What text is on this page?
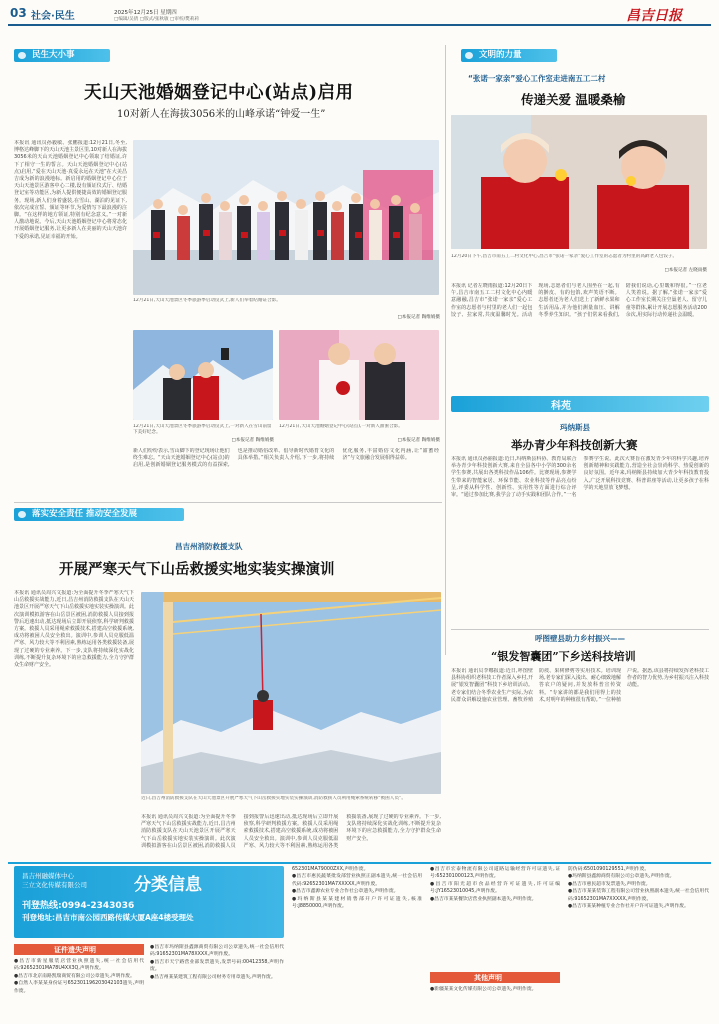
03 社会·民生	2025年12月25日 星期四
□编辑/吴倩 □版式/张秋敏 □审校/樊莉莉	昌吉日报
民生大小事
天山天池婚姻登记中心(站点)启用
10对新人在海拔3056米的山峰承诺“钟爱一生”
本报讯 通讯员孙毅敏、张鹏报道:12月21日,冬至,博格达峰脚下的天山天池主景区里,10对新人在海拔3056米的天山天池婚姻登记中心领取了结婚证,许下了相守一生的誓言。天山天池婚姻登记中心(站点)启用,“爱在天山天池·真爱永远在天池”在大美昌吉成为新的浪漫地标。新启用的婚姻登记中心位于天山天池景区游客中心二楼,设有颁证仪式厅、结婚登记室等功能区,为新人提供便捷高效的婚姻登记服务。现场,新人们身着盛装,在雪山、湖泊的见证下,依次完成宣誓、颁证等环节,为爱情写下最浪漫的注脚。“在这样的地方领证,特别有纪念意义。”一对新人激动地说。今后,天山天池婚姻登记中心将常态化开展婚姻登记服务,让更多新人在美丽的天山天池许下爱的承诺,见证幸福的开始。
12月21日,天山天池景区冬季旅游季启动仪式上,新人们举着结婚证合影。
□本报记者 陶维娟摄
12月21日,天山天池景区冬季旅游季启动仪式上,一对新人在雪山前留下美好纪念。
□本报记者 陶维娟摄
12月21日,天山天池婚姻登记中心(站点),一对新人甜蜜合影。
□本报记者 陶维娟摄
新人们纷纷表示,雪山脚下的登记现场让他们终生难忘。“天山天池婚姻登记中心(站点)的启用,是创新婚姻登记服务模式的有益探索,也是推动婚俗改革、倡导新时代婚育文化的具体举措。”相关负责人介绍,下一步,将持续优化服务,丰富婚俗文化内涵,让“甜蜜经济”与文旅融合发展相得益彰。
文明的力量
“张诺一家亲”爱心工作室走进南五工二村
传递关爱 温暖桑榆
12月20日下午,昌吉市南五工二村文化中心,昌吉市“张诺一家亲”爱心工作室的志愿者为村里的高龄老人包饺子。
□本报记者 左晓雨摄
本报讯 记者左晓雨报道:12月20日下午,昌吉市南五工二村文化中心内暖意融融,昌吉市“张诺一家亲”爱心工作室的志愿者与村里的老人们一起包饺子、拉家常,共度温馨时光。活动现场,志愿者们与老人围坐在一起,有的擀皮、有的包馅,欢声笑语不断。志愿者还为老人们送上了新鲜水果和生活用品,并为他们测量血压、讲解冬季养生知识。“孩子们常来看我们,陪我们说话,心里暖和得很。”一位老人笑着说。据了解,“张诺一家亲”爱心工作室长期关注空巢老人、留守儿童等群体,累计开展志愿服务活动200余次,用实际行动传递社会温暖。
科苑
玛纳斯县
举办青少年科技创新大赛
本报讯 通讯员孙丽报道:近日,玛纳斯县科协、教育局联合举办青少年科技创新大赛,来自全县各中小学的300余名学生参赛,共展出各类科技作品106件。比赛现场,参赛学生带来的智能家居、环保节能、农业科技等作品亮点纷呈,评委从科学性、创新性、实用性等方面进行综合评审。“通过参加比赛,我学会了动手实践和团队合作。”一名参赛学生说。此次大赛旨在激发青少年的科学兴趣,培养创新精神和实践能力,营造全社会崇尚科学、热爱创新的良好氛围。近年来,玛纳斯县持续加大青少年科技教育投入,广泛开展科技竞赛、科普讲座等活动,让更多孩子在科学的天地里放飞梦想。
呼图壁县助力乡村振兴——
“银发智囊团”下乡送科技培训
本报讯 通讯员李娜报道:近日,呼图壁县科协组织老科技工作者深入乡村,开展“银发智囊团”科技下乡培训活动。老专家们结合冬季农业生产实际,为农民群众讲解设施农业管理、畜牧养殖防疫、果树修剪等实用技术。培训现场,老专家们深入浅出、耐心细致地解答农户的疑问,并发放科普宣传资料。“专家讲的都是我们用得上的技术,对明年的种植很有帮助。”一位种植户说。据悉,该县将持续发挥老科技工作者的智力优势,为乡村振兴注入科技动能。
落实安全责任 推动安全发展
昌吉州消防救援支队
开展严寒天气下山岳救援实地实装实操演训
本报讯 通讯员周兴文报道:为全面提升冬季严寒天气下山岳救援实战能力,近日,昌吉州消防救援支队在天山天池景区开展严寒天气下山岳救援实地实装实操演训。此次演训模拟游客在山岳景区被困,消防救援人员接到报警后迅速出动,抵达现场后立即开展侦察,科学研判救援方案。救援人员采用绳索救援技术,搭建高空救援系统,成功将被困人员安全救出。演训中,参训人员克服低温严寒、风力较大等不利因素,熟练运用各类救援装备,展现了过硬的专业素养。下一步,支队将持续深化实战化训练,不断提升复杂环境下的应急救援能力,全力守护群众生命财产安全。
近日,昌吉州消防救援支队在天山天池景区开展严寒天气下山岳救援实地实装实操演训,消防救援人员利用绳索系统转移“被困人员”。
本报讯 通讯员周兴文报道:为全面提升冬季严寒天气下山岳救援实战能力,近日,昌吉州消防救援支队在天山天池景区开展严寒天气下山岳救援实地实装实操演训。此次演训模拟游客在山岳景区被困,消防救援人员接到报警后迅速出动,抵达现场后立即开展侦察,科学研判救援方案。救援人员采用绳索救援技术,搭建高空救援系统,成功将被困人员安全救出。演训中,参训人员克服低温严寒、风力较大等不利因素,熟练运用各类救援装备,展现了过硬的专业素养。下一步,支队将持续深化实战化训练,不断提升复杂环境下的应急救援能力,全力守护群众生命财产安全。
昌吉州融媒体中心
三立文化传媒有限公司	分类信息
刊登热线:0994-2343036
刊登地址:昌吉市南公园西路传媒大厦A座4楼受理处
证件遗失声明
●昌吉市新星服装店营业执照遗失,统一社会信用代码:92652301MA78U4XX3Q,声明作废。
●昌吉市北京南路凯瑞商贸有限公司公章遗失,声明作废。
●自然人李某某身份证号652301196203042103遗失,声明作废。
●昌吉市玛纳斯县鑫源商贸有限公司公章遗失,统一社会信用代码:91652301MA78XXXX,声明作废。
●昌吉市天宁路营业部发票遗失,发票号码:00412358,声明作废。
●昌吉州某某建筑工程有限公司财务专用章遗失,声明作废。
652301MA79000ZXX,声明作废。
●昌吉市惠民蔬菜批发部营业执照正副本遗失,统一社会信用代码:92652301MA7XXXXX,声明作废。
●昌吉市鑫源农业专业合作社公章遗失,声明作废。
●玛纳斯县某某建材销售部开户许可证遗失,核准号:J8850000,声明作废。
●昌吉市宏泰物流有限公司道路运输经营许可证遗失,证号:652301000123,声明作废。
●昌吉市阳光超市食品经营许可证遗失,许可证编号:JY16523010045,声明作废。
●昌吉市某某餐饮店营业执照副本遗失,声明作废。
其他声明
●新疆某某文化传媒有限公司公章遗失,声明作废。
防伪码:6501090129551,声明作废。
●玛纳斯县鑫源商贸有限公司公章遗失,声明作废。
●昌吉市惠民超市发票遗失,声明作废。
●昌吉市某某装饰工程有限公司营业执照副本遗失,统一社会信用代码:91652301MA7XXXXX,声明作废。
●昌吉市某某种植专业合作社开户许可证遗失,声明作废。
